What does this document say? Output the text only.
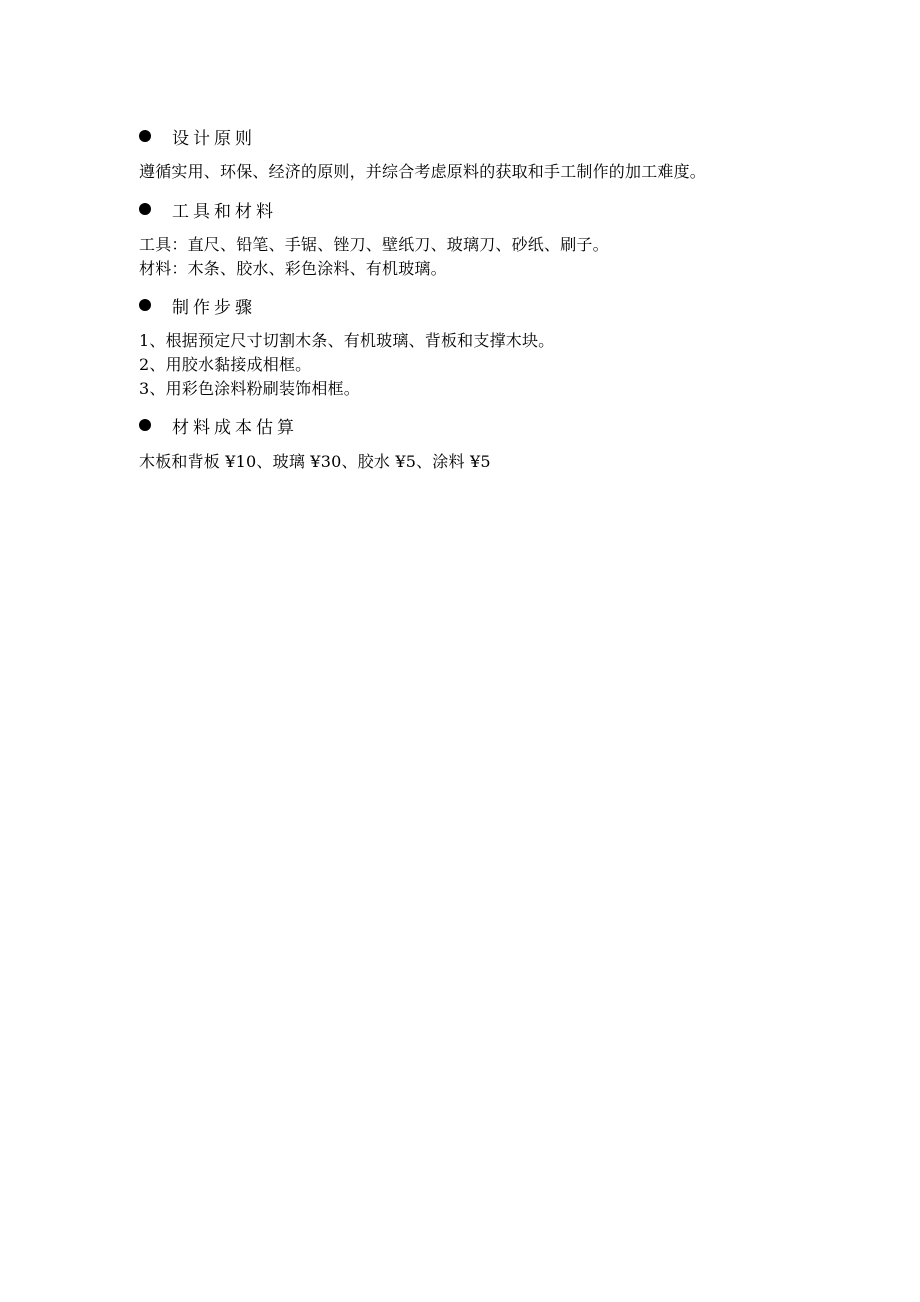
设计原则
遵循实用、环保、经济的原则，并综合考虑原料的获取和手工制作的加工难度。
工具和材料
工具：直尺、铅笔、手锯、锉刀、壁纸刀、玻璃刀、砂纸、刷子。
材料：木条、胶水、彩色涂料、有机玻璃。
制作步骤
1、根据预定尺寸切割木条、有机玻璃、背板和支撑木块。
2、用胶水黏接成相框。
3、用彩色涂料粉刷装饰相框。
材料成本估算
木板和背板 ¥10、玻璃 ¥30、胶水 ¥5、涂料 ¥5
